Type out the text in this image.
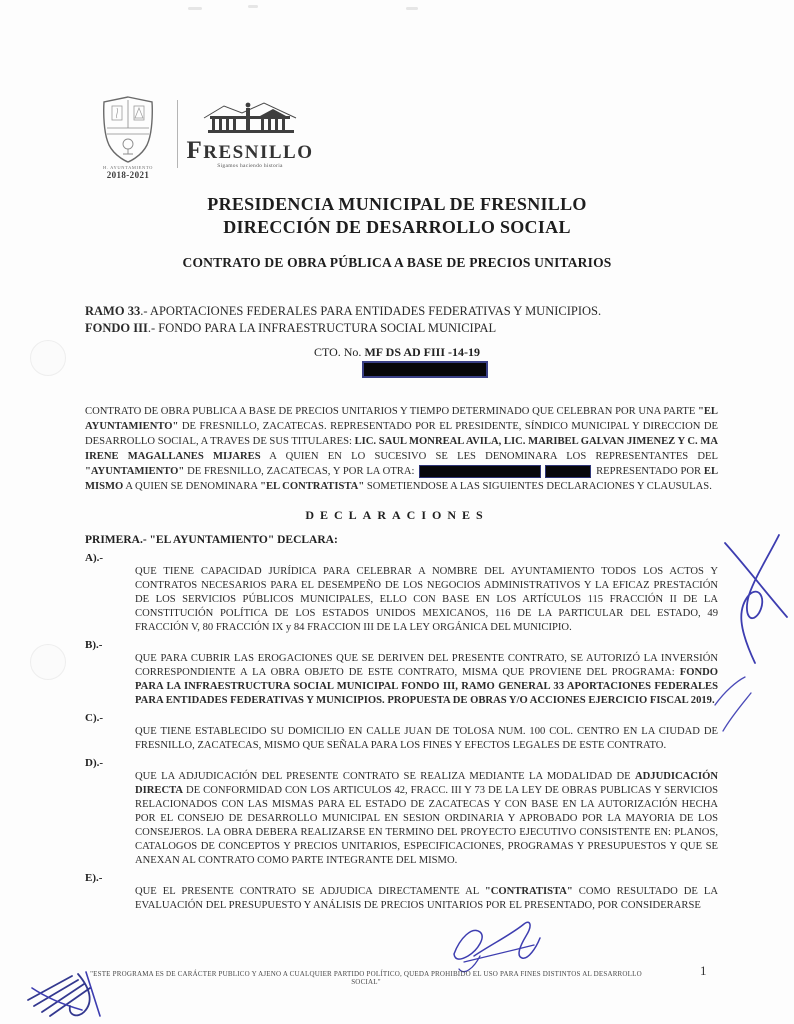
H. AYUNTAMIENTO
2018-2021
FRESNILLO
Sigamos haciendo historia
PRESIDENCIA MUNICIPAL DE FRESNILLO
DIRECCIÓN DE DESARROLLO SOCIAL
CONTRATO DE OBRA PÚBLICA A BASE DE PRECIOS UNITARIOS
RAMO 33.- APORTACIONES FEDERALES PARA ENTIDADES FEDERATIVAS Y MUNICIPIOS.
FONDO III.- FONDO PARA LA INFRAESTRUCTURA SOCIAL MUNICIPAL
CTO. No. MF DS AD FIII -14-19
CONTRATO DE OBRA PUBLICA A BASE DE PRECIOS UNITARIOS Y TIEMPO DETERMINADO QUE CELEBRAN POR UNA PARTE "EL AYUNTAMIENTO" DE FRESNILLO, ZACATECAS. REPRESENTADO POR EL PRESIDENTE, SÍNDICO MUNICIPAL Y DIRECCION DE DESARROLLO SOCIAL, A TRAVES DE SUS TITULARES: LIC. SAUL MONREAL AVILA, LIC. MARIBEL GALVAN JIMENEZ Y C. MA IRENE MAGALLANES MIJARES A QUIEN EN LO SUCESIVO SE LES DENOMINARA LOS REPRESENTANTES DEL "AYUNTAMIENTO" DE FRESNILLO, ZACATECAS, Y POR LA OTRA:	REPRESENTADO POR EL MISMO A QUIEN SE DENOMINARA "EL CONTRATISTA" SOMETIENDOSE A LAS SIGUIENTES DECLARACIONES Y CLAUSULAS.
DECLARACIONES
PRIMERA.- "EL AYUNTAMIENTO" DECLARA:
A).-
QUE TIENE CAPACIDAD JURÍDICA PARA CELEBRAR A NOMBRE DEL AYUNTAMIENTO TODOS LOS ACTOS Y CONTRATOS NECESARIOS PARA EL DESEMPEÑO DE LOS NEGOCIOS ADMINISTRATIVOS Y LA EFICAZ PRESTACIÓN DE LOS SERVICIOS PÚBLICOS MUNICIPALES, ELLO CON BASE EN LOS ARTÍCULOS 115 FRACCIÓN II DE LA CONSTITUCIÓN POLÍTICA DE LOS ESTADOS UNIDOS MEXICANOS, 116 DE LA PARTICULAR DEL ESTADO, 49 FRACCIÓN V, 80 FRACCIÓN IX y 84 FRACCION III DE LA LEY ORGÁNICA DEL MUNICIPIO.
B).-
QUE PARA CUBRIR LAS EROGACIONES QUE SE DERIVEN DEL PRESENTE CONTRATO, SE AUTORIZÓ LA INVERSIÓN CORRESPONDIENTE A LA OBRA OBJETO DE ESTE CONTRATO, MISMA QUE PROVIENE DEL PROGRAMA: FONDO PARA LA INFRAESTRUCTURA SOCIAL MUNICIPAL FONDO III, RAMO GENERAL 33 APORTACIONES FEDERALES PARA ENTIDADES FEDERATIVAS Y MUNICIPIOS. PROPUESTA DE OBRAS Y/O ACCIONES EJERCICIO FISCAL 2019.
C).-
QUE TIENE ESTABLECIDO SU DOMICILIO EN CALLE JUAN DE TOLOSA NUM. 100 COL. CENTRO EN LA CIUDAD DE FRESNILLO, ZACATECAS, MISMO QUE SEÑALA PARA LOS FINES Y EFECTOS LEGALES DE ESTE CONTRATO.
D).-
QUE LA ADJUDICACIÓN DEL PRESENTE CONTRATO SE REALIZA MEDIANTE LA MODALIDAD DE ADJUDICACIÓN DIRECTA DE CONFORMIDAD CON LOS ARTICULOS 42, FRACC. III Y 73 DE LA LEY DE OBRAS PUBLICAS Y SERVICIOS RELACIONADOS CON LAS MISMAS PARA EL ESTADO DE ZACATECAS Y CON BASE EN LA AUTORIZACIÓN HECHA POR EL CONSEJO DE DESARROLLO MUNICIPAL EN SESION ORDINARIA Y APROBADO POR LA MAYORIA DE LOS CONSEJEROS. LA OBRA DEBERA REALIZARSE EN TERMINO DEL PROYECTO EJECUTIVO CONSISTENTE EN: PLANOS, CATALOGOS DE CONCEPTOS Y PRECIOS UNITARIOS, ESPECIFICACIONES, PROGRAMAS Y PRESUPUESTOS Y QUE SE ANEXAN AL CONTRATO COMO PARTE INTEGRANTE DEL MISMO.
E).-
QUE EL PRESENTE CONTRATO SE ADJUDICA DIRECTAMENTE AL "CONTRATISTA" COMO RESULTADO DE LA EVALUACIÓN DEL PRESUPUESTO Y ANÁLISIS DE PRECIOS UNITARIOS POR EL PRESENTADO, POR CONSIDERARSE
"ESTE PROGRAMA ES DE CARÁCTER PUBLICO Y AJENO A CUALQUIER PARTIDO POLÍTICO, QUEDA PROHIBIDO EL USO PARA FINES DISTINTOS AL DESARROLLO SOCIAL"
1
